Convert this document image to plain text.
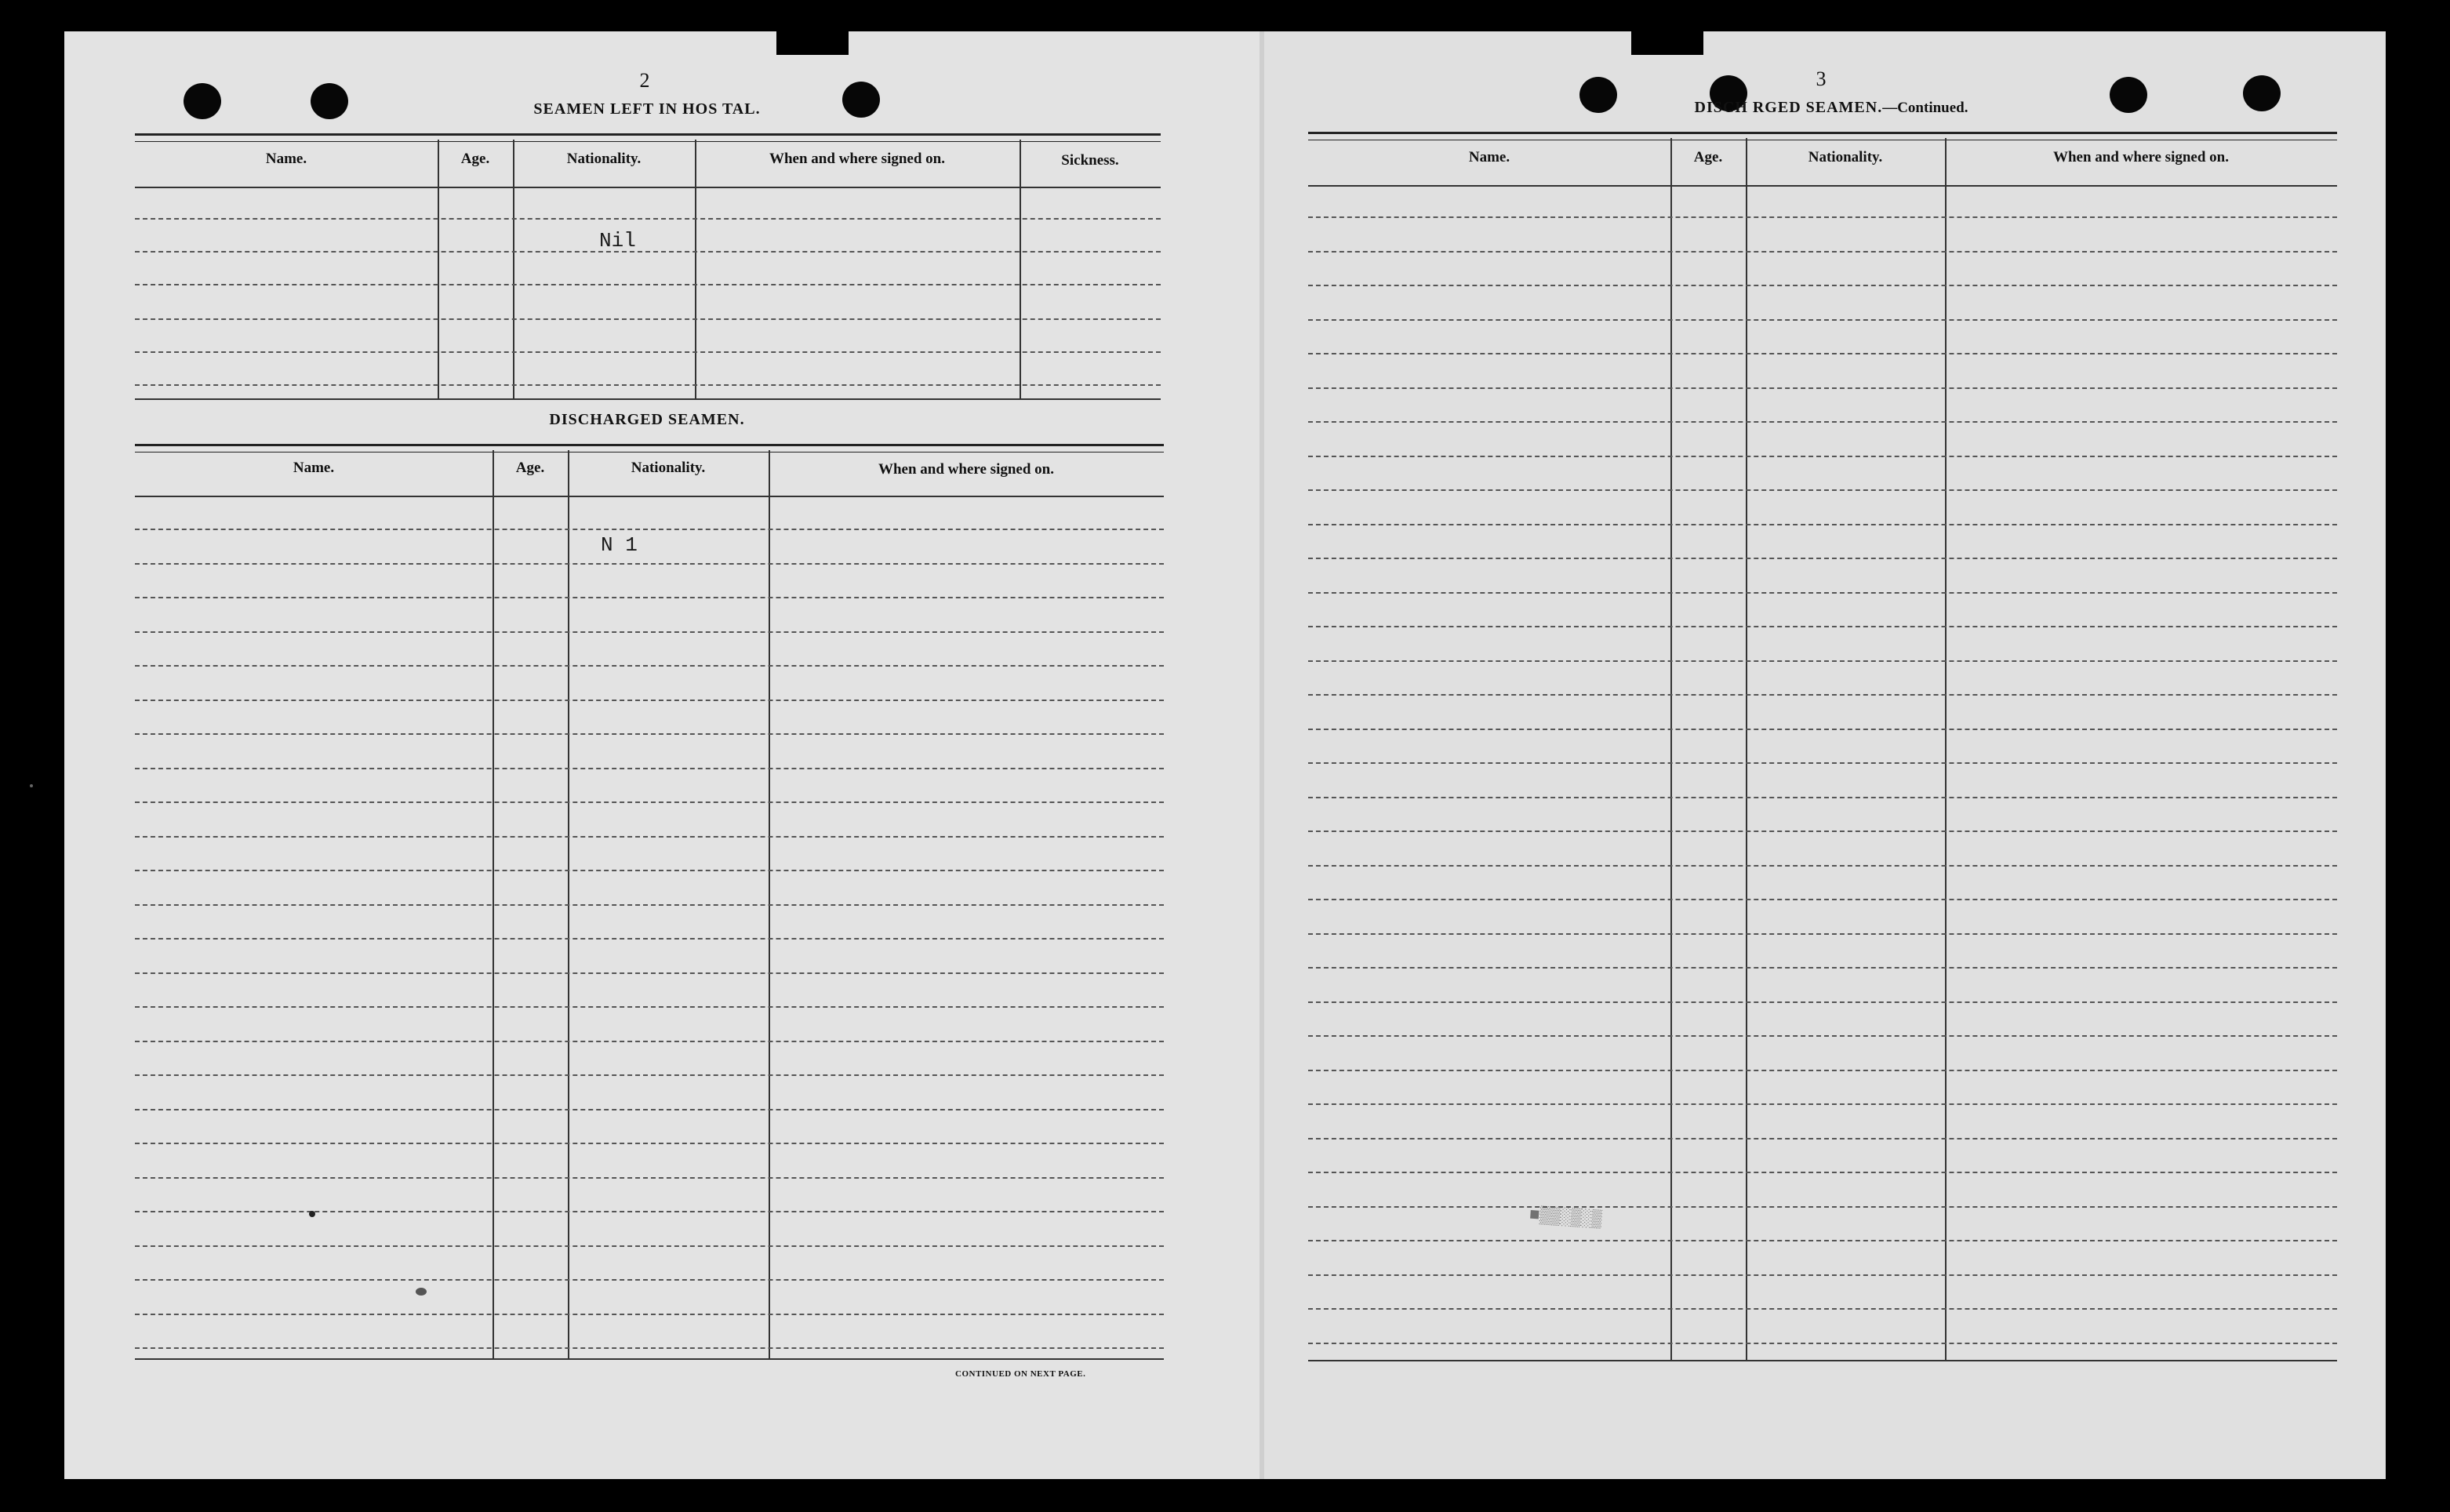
2
SEAMEN LEFT IN HOS TAL.
Name.	Age.	Nationality.	When and where signed on.	Sickness.
Nil
DISCHARGED SEAMEN.
Name.	Age.	Nationality.	When and where signed on.
N 1
CONTINUED ON NEXT PAGE.
3
DISCH RGED SEAMEN.—Continued.
Name.	Age.	Nationality.	When and where signed on.
■▒▒░▒░▒
